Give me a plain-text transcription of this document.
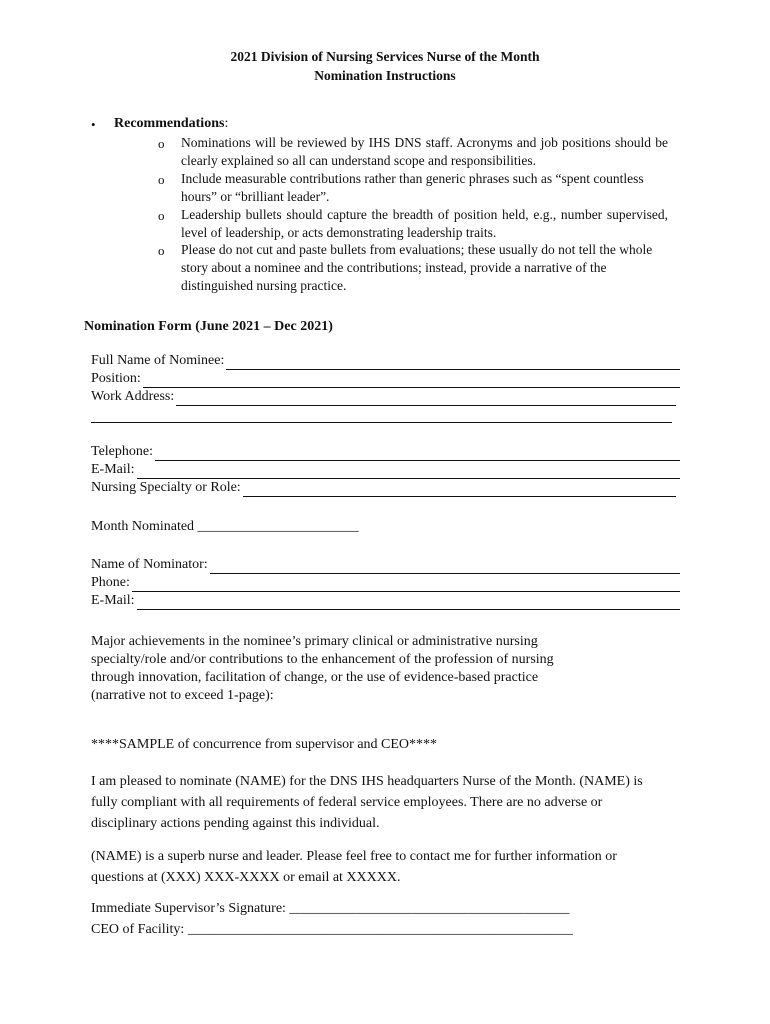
2021 Division of Nursing Services Nurse of the Month
Nomination Instructions
• Recommendations:
o Nominations will be reviewed by IHS DNS staff. Acronyms and job positions should be clearly explained so all can understand scope and responsibilities.
o Include measurable contributions rather than generic phrases such as “spent countless hours” or “brilliant leader”.
o Leadership bullets should capture the breadth of position held, e.g., number supervised, level of leadership, or acts demonstrating leadership traits.
o Please do not cut and paste bullets from evaluations; these usually do not tell the whole story about a nominee and the contributions; instead, provide a narrative of the distinguished nursing practice.
Nomination Form (June 2021 – Dec 2021)
Full Name of Nominee:
Position:
Work Address:
Telephone:
E-Mail:
Nursing Specialty or Role:
Month Nominated _______________________
Name of Nominator:
Phone:
E-Mail:
Major achievements in the nominee’s primary clinical or administrative nursing specialty/role and/or contributions to the enhancement of the profession of nursing through innovation, facilitation of change, or the use of evidence-based practice (narrative not to exceed 1-page):
****SAMPLE of concurrence from supervisor and CEO****
I am pleased to nominate (NAME) for the DNS IHS headquarters Nurse of the Month. (NAME) is fully compliant with all requirements of federal service employees. There are no adverse or disciplinary actions pending against this individual.
(NAME) is a superb nurse and leader. Please feel free to contact me for further information or questions at (XXX) XXX-XXXX or email at XXXXX.
Immediate Supervisor’s Signature: ________________________________________
CEO of Facility: _______________________________________________________
